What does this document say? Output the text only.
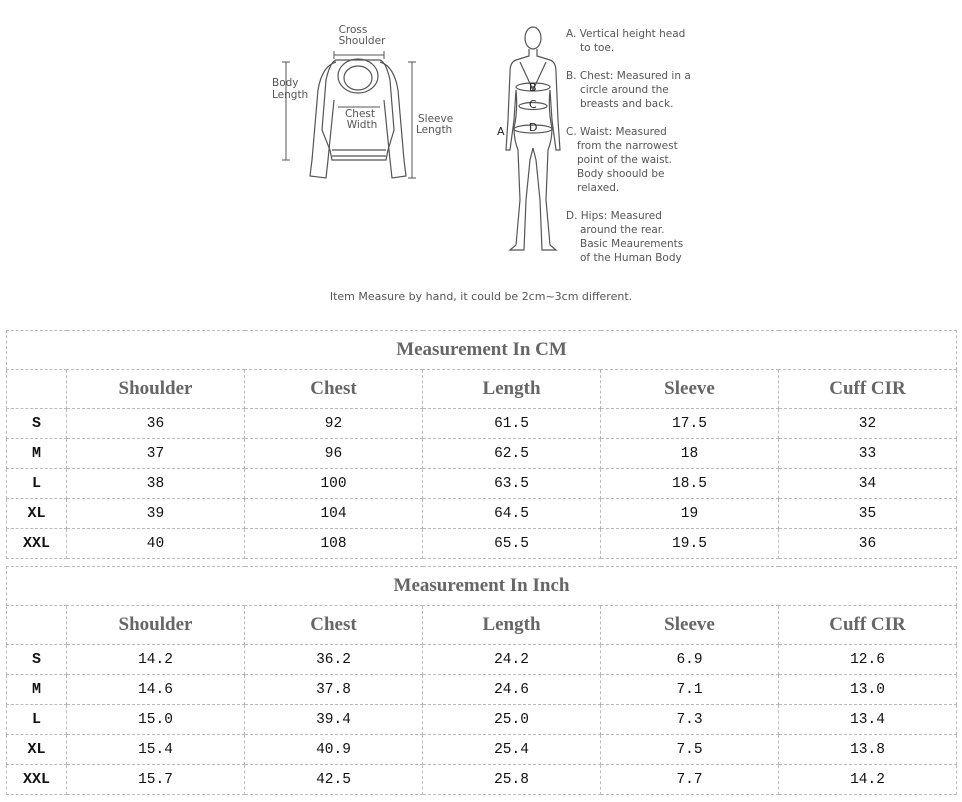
Cross
Shoulder
Body
Length
Chest
Width	Sleeve
Length
B
C
D
A
A. Vertical height head
to toe.
B. Chest: Measured in a
circle around the
breasts and back.
C. Waist: Measured
from the narrowest
point of the waist.
Body shoould be
relaxed.
D. Hips: Measured
around the rear.
Basic Meaurements
of the Human Body
Item Measure by hand, it could be 2cm~3cm different.
Measurement In CM					
	Shoulder	Chest	Length	Sleeve	Cuff CIR
S	36	92	61.5	17.5	32
M	37	96	62.5	18	33
L	38	100	63.5	18.5	34
XL	39	104	64.5	19	35
XXL	40	108	65.5	19.5	36
Measurement In Inch					
	Shoulder	Chest	Length	Sleeve	Cuff CIR
S	14.2	36.2	24.2	6.9	12.6
M	14.6	37.8	24.6	7.1	13.0
L	15.0	39.4	25.0	7.3	13.4
XL	15.4	40.9	25.4	7.5	13.8
XXL	15.7	42.5	25.8	7.7	14.2
